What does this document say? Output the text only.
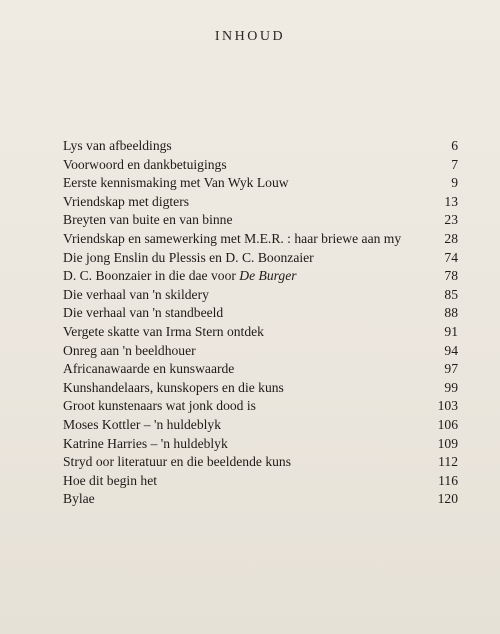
INHOUD
Lys van afbeeldings	6
Voorwoord en dankbetuigings	7
Eerste kennismaking met Van Wyk Louw	9
Vriendskap met digters	13
Breyten van buite en van binne	23
Vriendskap en samewerking met M.E.R. : haar briewe aan my	28
Die jong Enslin du Plessis en D. C. Boonzaier	74
D. C. Boonzaier in die dae voor De Burger	78
Die verhaal van 'n skildery	85
Die verhaal van 'n standbeeld	88
Vergete skatte van Irma Stern ontdek	91
Onreg aan 'n beeldhouer	94
Africanawaarde en kunswaarde	97
Kunshandelaars, kunskopers en die kuns	99
Groot kunstenaars wat jonk dood is	103
Moses Kottler – 'n huldeblyk	106
Katrine Harries – 'n huldeblyk	109
Stryd oor literatuur en die beeldende kuns	112
Hoe dit begin het	116
Bylae	120
